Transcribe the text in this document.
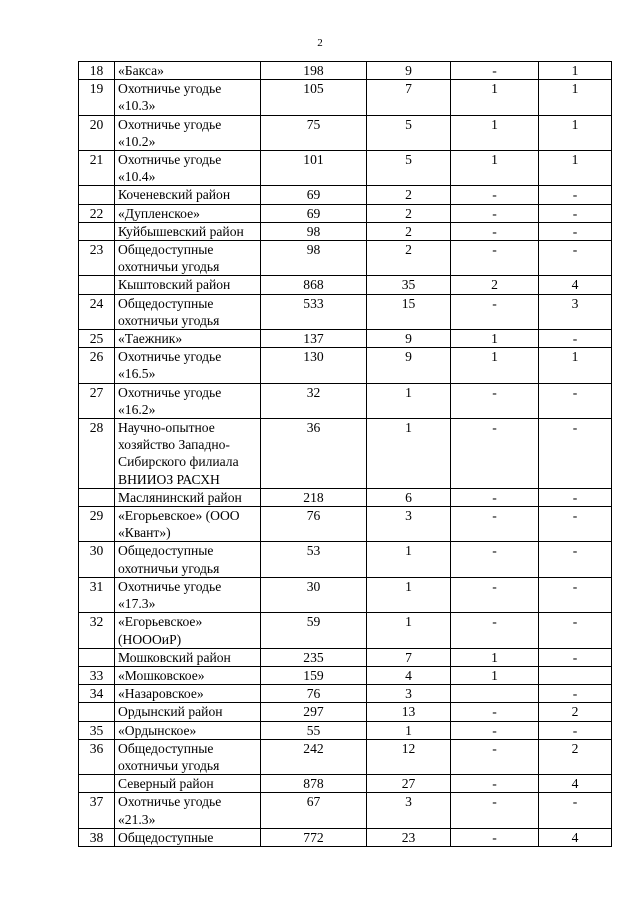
2
18	«Бакса»	198	9	-	1
19	Охотничье угодье
«10.3»	105	7	1	1
20	Охотничье угодье
«10.2»	75	5	1	1
21	Охотничье угодье
«10.4»	101	5	1	1

	Коченевский район	69	2	-	-
22	«Дупленское»	69	2	-	-

	Куйбышевский район	98	2	-	-
23	Общедоступные
охотничьи угодья	98	2	-	-

	Кыштовский район	868	35	2	4
24	Общедоступные
охотничьи угодья	533	15	-	3
25	«Таежник»	137	9	1	-
26	Охотничье угодье
«16.5»	130	9	1	1
27	Охотничье угодье
«16.2»	32	1	-	-
28	Научно-опытное
хозяйство Западно-
Сибирского филиала
ВНИИОЗ РАСХН	36	1	-	-

	Маслянинский район	218	6	-	-
29	«Егорьевское» (ООО
«Квант»)	76	3	-	-
30	Общедоступные
охотничьи угодья	53	1	-	-
31	Охотничье угодье
«17.3»	30	1	-	-
32	«Егорьевское»
(НОООиР)	59	1	-	-

	Мошковский район	235	7	1	-
33	«Мошковское»	159	4	1	
34	«Назаровское»	76	3		-

	Ордынский район	297	13	-	2
35	«Ордынское»	55	1	-	-
36	Общедоступные
охотничьи угодья	242	12	-	2

	Северный район	878	27	-	4
37	Охотничье угодье
«21.3»	67	3	-	-
38	Общедоступные	772	23	-	4
